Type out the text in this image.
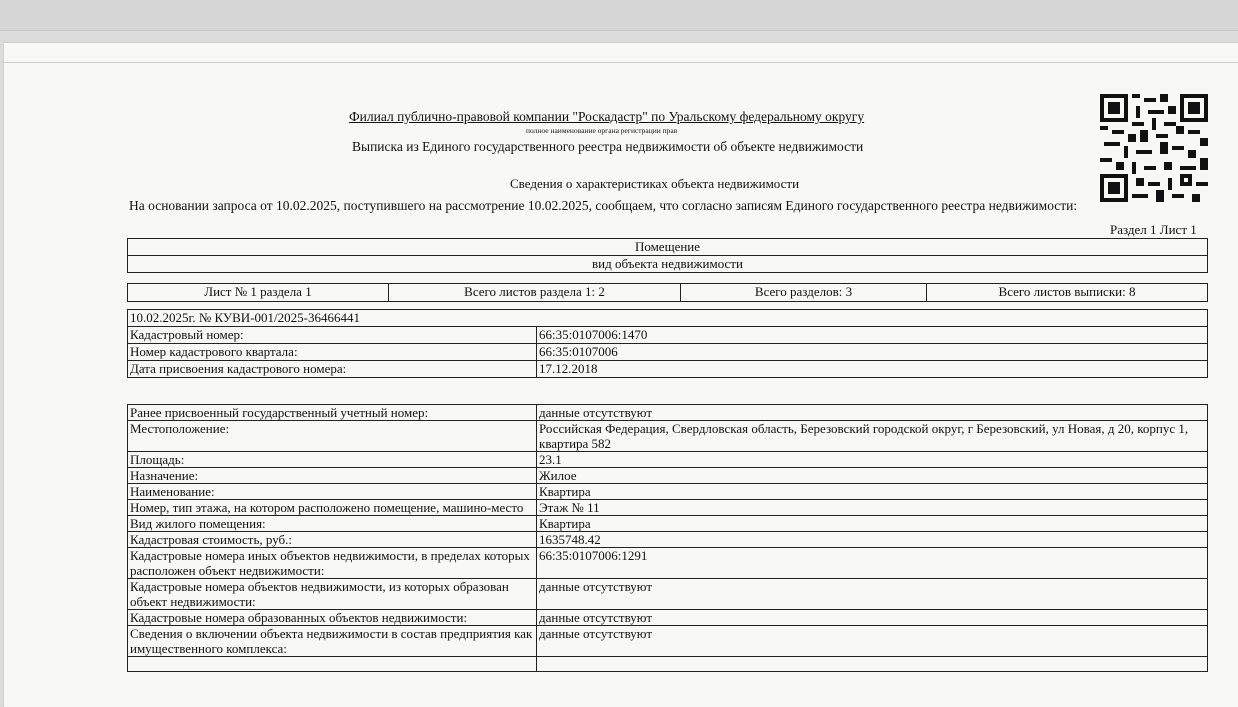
Филиал публично-правовой компании "Роскадастр" по Уральскому федеральному округу
полное наименование органа регистрации прав
Выписка из Единого государственного реестра недвижимости об объекте недвижимости
Сведения о характеристиках объекта недвижимости
На основании запроса от 10.02.2025, поступившего на рассмотрение 10.02.2025, сообщаем, что согласно записям Единого государственного реестра недвижимости:
Раздел 1 Лист 1
Помещение
вид объекта недвижимости
Лист № 1 раздела 1	Всего листов раздела 1: 2	Всего разделов: 3	Всего листов выписки: 8
10.02.2025г. № КУВИ-001/2025-36466441	
Кадастровый номер:	66:35:0107006:1470
Номер кадастрового квартала:	66:35:0107006
Дата присвоения кадастрового номера:	17.12.2018
Ранее присвоенный государственный учетный номер:	данные отсутствуют
Местоположение:	Российская Федерация, Свердловская область, Березовский городской округ, г Березовский, ул Новая, д 20, корпус 1, квартира 582
Площадь:	23.1
Назначение:	Жилое
Наименование:	Квартира
Номер, тип этажа, на котором расположено помещение, машино-место	Этаж № 11
Вид жилого помещения:	Квартира
Кадастровая стоимость, руб.:	1635748.42
Кадастровые номера иных объектов недвижимости, в пределах которых расположен объект недвижимости:	66:35:0107006:1291
Кадастровые номера объектов недвижимости, из которых образован объект недвижимости:	данные отсутствуют
Кадастровые номера образованных объектов недвижимости:	данные отсутствуют
Сведения о включении объекта недвижимости в состав предприятия как имущественного комплекса:	данные отсутствуют
